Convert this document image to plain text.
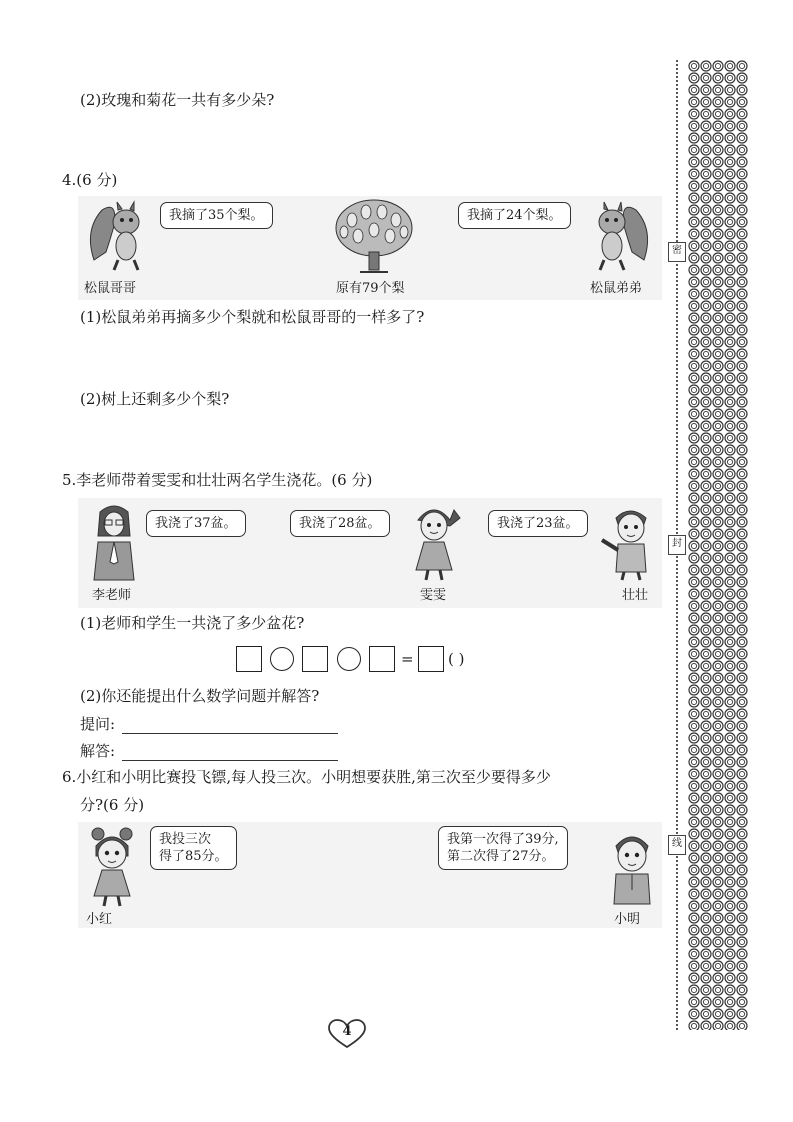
密
封
线
(2)玫瑰和菊花一共有多少朵?
4.(6 分)
我摘了35个梨。	我摘了24个梨。
松鼠哥哥	原有79个梨	松鼠弟弟
(1)松鼠弟弟再摘多少个梨就和松鼠哥哥的一样多了?
(2)树上还剩多少个梨?
5.李老师带着雯雯和壮壮两名学生浇花。(6 分)
我浇了37盆。	我浇了28盆。	我浇了23盆。
李老师	雯雯	壮壮
(1)老师和学生一共浇了多少盆花?
= ( )
(2)你还能提出什么数学问题并解答?
提问:
解答:
6.小红和小明比赛投飞镖,每人投三次。小明想要获胜,第三次至少要得多少
分?(6 分)
我投三次
得了85分。
我第一次得了39分,
第二次得了27分。
小红	小明
4
